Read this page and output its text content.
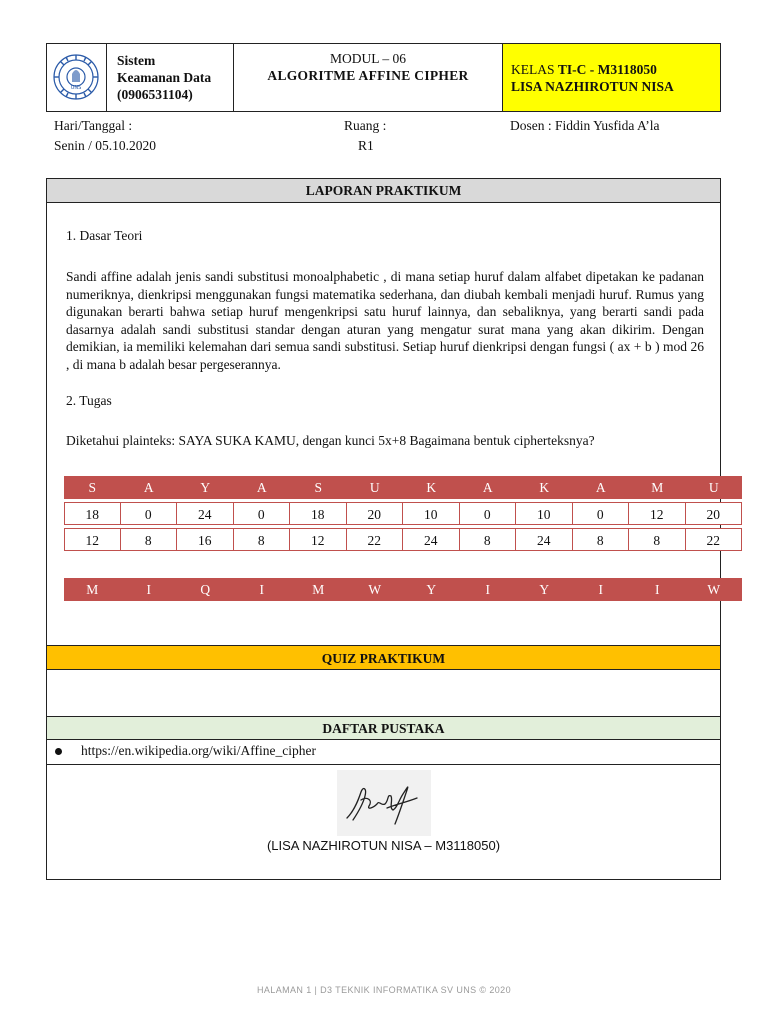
UNS
Sistem
Keamanan Data
(0906531104)
MODUL – 06
ALGORITME AFFINE CIPHER	KELAS TI-C - M3118050
LISA NAZHIROTUN NISA
Hari/Tanggal :
Senin / 05.10.2020
Ruang :
R1
Dosen : Fiddin Yusfida A’la
LAPORAN PRAKTIKUM
1. Dasar Teori
Sandi affine adalah jenis sandi substitusi monoalphabetic , di mana setiap huruf dalam alfabet dipetakan ke padanan numeriknya, dienkripsi menggunakan fungsi matematika sederhana, dan diubah kembali menjadi huruf. Rumus yang digunakan berarti bahwa setiap huruf mengenkripsi satu huruf lainnya, dan sebaliknya, yang berarti sandi pada dasarnya adalah sandi substitusi standar dengan aturan yang mengatur surat mana yang akan dikirim. Dengan demikian, ia memiliki kelemahan dari semua sandi substitusi. Setiap huruf dienkripsi dengan fungsi ( ax + b ) mod 26 , di mana b adalah besar pergeserannya.
2. Tugas
Diketahui plainteks: SAYA SUKA KAMU, dengan kunci 5x+8 Bagaimana bentuk cipherteksnya?
S	A	Y	A	S	U	K	A	K	A	M	U
18	0	24	0	18	20	10	0	10	0	12	20
12	8	16	8	12	22	24	8	24	8	8	22
M	I	Q	I	M	W	Y	I	Y	I	I	W
QUIZ PRAKTIKUM
DAFTAR PUSTAKA
https://en.wikipedia.org/wiki/Affine_cipher
(LISA NAZHIROTUN NISA – M3118050)
HALAMAN 1 | D3 TEKNIK INFORMATIKA SV UNS © 2020
